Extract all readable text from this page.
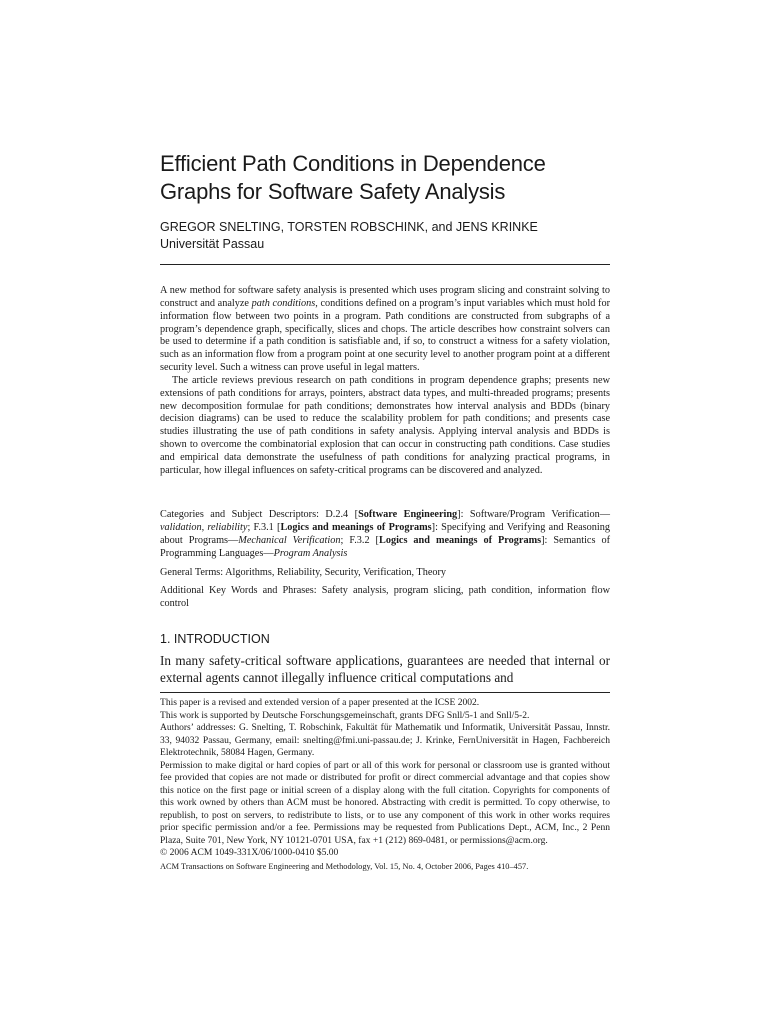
Efficient Path Conditions in Dependence
Graphs for Software Safety Analysis
GREGOR SNELTING, TORSTEN ROBSCHINK, and JENS KRINKE
Universität Passau

A new method for software safety analysis is presented which uses program slicing and constraint solving to construct and analyze path conditions, conditions defined on a program’s input variables which must hold for information flow between two points in a program. Path conditions are constructed from subgraphs of a program’s dependence graph, specifically, slices and chops. The article describes how constraint solvers can be used to determine if a path condition is satisfiable and, if so, to construct a witness for a safety violation, such as an information flow from a program point at one security level to another program point at a different security level. Such a witness can prove useful in legal matters.

The article reviews previous research on path conditions in program dependence graphs; presents new extensions of path conditions for arrays, pointers, abstract data types, and multi-threaded programs; presents new decomposition formulae for path conditions; demonstrates how interval analysis and BDDs (binary decision diagrams) can be used to reduce the scalability problem for path conditions; and presents case studies illustrating the use of path conditions in safety analysis. Applying interval analysis and BDDs is shown to overcome the combinatorial explosion that can occur in constructing path conditions. Case studies and empirical data demonstrate the usefulness of path conditions for analyzing practical programs, in particular, how illegal influences on safety-critical programs can be discovered and analyzed.

Categories and Subject Descriptors: D.2.4 [Software Engineering]: Software/Program Verification—validation, reliability; F.3.1 [Logics and meanings of Programs]: Specifying and Verifying and Reasoning about Programs—Mechanical Verification; F.3.2 [Logics and meanings of Programs]: Semantics of Programming Languages—Program Analysis

General Terms: Algorithms, Reliability, Security, Verification, Theory

Additional Key Words and Phrases: Safety analysis, program slicing, path condition, information flow control

1. INTRODUCTION

In many safety-critical software applications, guarantees are needed that internal or external agents cannot illegally influence critical computations and

This paper is a revised and extended version of a paper presented at the ICSE 2002.

This work is supported by Deutsche Forschungsgemeinschaft, grants DFG Snll/5-1 and Snll/5-2.

Authors’ addresses: G. Snelting, T. Robschink, Fakultät für Mathematik und Informatik, Universität Passau, Innstr. 33, 94032 Passau, Germany, email: snelting@fmi.uni-passau.de; J. Krinke, FernUniversität in Hagen, Fachbereich Elektrotechnik, 58084 Hagen, Germany.

Permission to make digital or hard copies of part or all of this work for personal or classroom use is granted without fee provided that copies are not made or distributed for profit or direct commercial advantage and that copies show this notice on the first page or initial screen of a display along with the full citation. Copyrights for components of this work owned by others than ACM must be honored. Abstracting with credit is permitted. To copy otherwise, to republish, to post on servers, to redistribute to lists, or to use any component of this work in other works requires prior specific permission and/or a fee. Permissions may be requested from Publications Dept., ACM, Inc., 2 Penn Plaza, Suite 701, New York, NY 10121-0701 USA, fax +1 (212) 869-0481, or permissions@acm.org.

© 2006 ACM 1049-331X/06/1000-0410 $5.00

ACM Transactions on Software Engineering and Methodology, Vol. 15, No. 4, October 2006, Pages 410–457.
